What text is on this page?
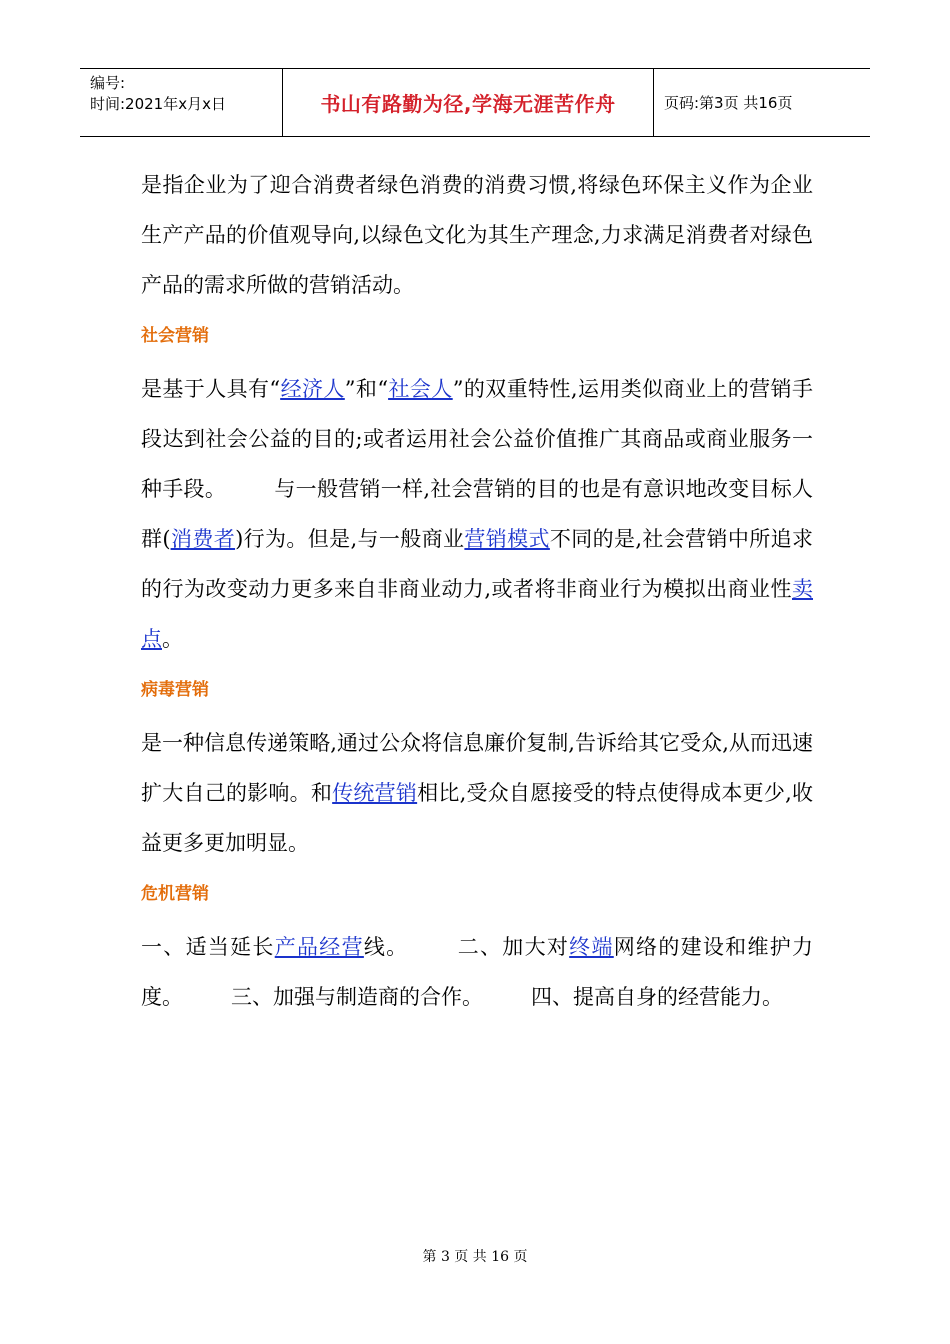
编号:
时间:2021年x月x日	书山有路勤为径,学海无涯苦作舟	页码:第3页 共16页

是指企业为了迎合消费者绿色消费的消费习惯,将绿色环保主义作为企业生产产品的价值观导向,以绿色文化为其生产理念,力求满足消费者对绿色产品的需求所做的营销活动。

社会营销

是基于人具有“经济人”和“社会人”的双重特性,运用类似商业上的营销手段达到社会公益的目的;或者运用社会公益价值推广其商品或商业服务一种手段。 与一般营销一样,社会营销的目的也是有意识地改变目标人群(消费者)行为。但是,与一般商业营销模式不同的是,社会营销中所追求的行为改变动力更多来自非商业动力,或者将非商业行为模拟出商业性卖点。

病毒营销

是一种信息传递策略,通过公众将信息廉价复制,告诉给其它受众,从而迅速扩大自己的影响。和传统营销相比,受众自愿接受的特点使得成本更少,收益更多更加明显。

危机营销

一、适当延长产品经营线。 二、加大对终端网络的建设和维护力度。 三、加强与制造商的合作。 四、提高自身的经营能力。

第 3 页 共 16 页
